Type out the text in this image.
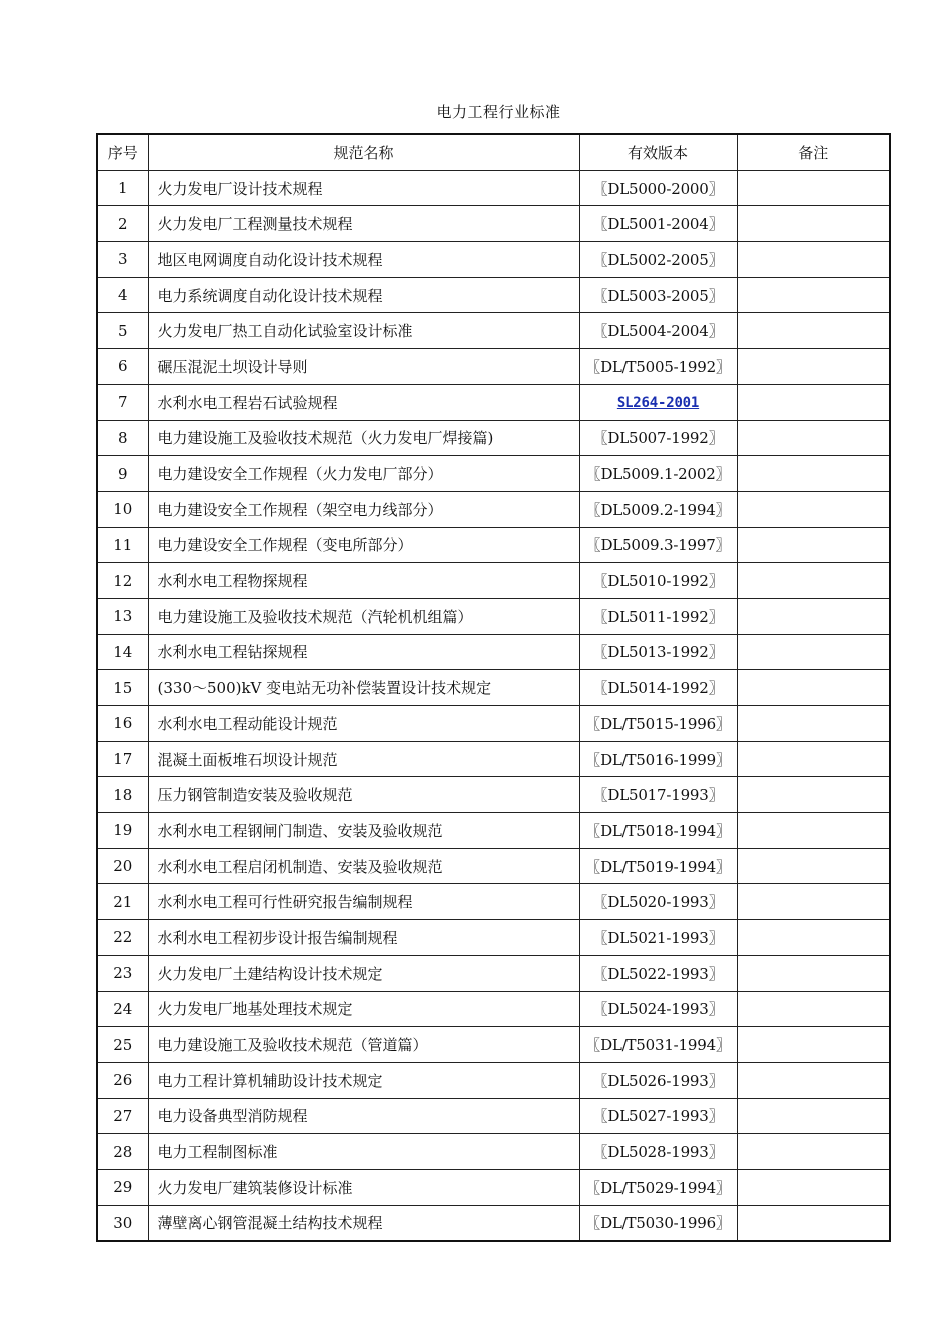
电力工程行业标准
序号	规范名称	有效版本	备注
1	火力发电厂设计技术规程	〖DL5000-2000〗	
2	火力发电厂工程测量技术规程	〖DL5001-2004〗	
3	地区电网调度自动化设计技术规程	〖DL5002-2005〗	
4	电力系统调度自动化设计技术规程	〖DL5003-2005〗	
5	火力发电厂热工自动化试验室设计标准	〖DL5004-2004〗	
6	碾压混泥土坝设计导则	〖DL/T5005-1992〗	
7	水利水电工程岩石试验规程	SL264-2001	
8	电力建设施工及验收技术规范（火力发电厂焊接篇)	〖DL5007-1992〗	
9	电力建设安全工作规程（火力发电厂部分）	〖DL5009.1-2002〗	
10	电力建设安全工作规程（架空电力线部分）	〖DL5009.2-1994〗	
11	电力建设安全工作规程（变电所部分）	〖DL5009.3-1997〗	
12	水利水电工程物探规程	〖DL5010-1992〗	
13	电力建设施工及验收技术规范（汽轮机机组篇）	〖DL5011-1992〗	
14	水利水电工程钻探规程	〖DL5013-1992〗	
15	(330～500)kV 变电站无功补偿装置设计技术规定	〖DL5014-1992〗	
16	水利水电工程动能设计规范	〖DL/T5015-1996〗	
17	混凝土面板堆石坝设计规范	〖DL/T5016-1999〗	
18	压力钢管制造安装及验收规范	〖DL5017-1993〗	
19	水利水电工程钢闸门制造、安装及验收规范	〖DL/T5018-1994〗	
20	水利水电工程启闭机制造、安装及验收规范	〖DL/T5019-1994〗	
21	水利水电工程可行性研究报告编制规程	〖DL5020-1993〗	
22	水利水电工程初步设计报告编制规程	〖DL5021-1993〗	
23	火力发电厂土建结构设计技术规定	〖DL5022-1993〗	
24	火力发电厂地基处理技术规定	〖DL5024-1993〗	
25	电力建设施工及验收技术规范（管道篇）	〖DL/T5031-1994〗	
26	电力工程计算机辅助设计技术规定	〖DL5026-1993〗	
27	电力设备典型消防规程	〖DL5027-1993〗	
28	电力工程制图标准	〖DL5028-1993〗	
29	火力发电厂建筑装修设计标准	〖DL/T5029-1994〗	
30	薄壁离心钢管混凝土结构技术规程	〖DL/T5030-1996〗	
